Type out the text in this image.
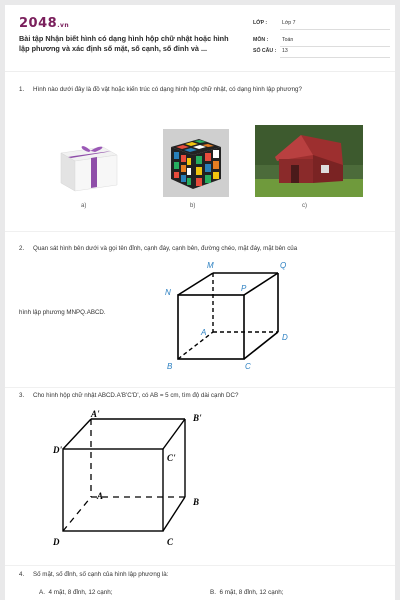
2048.vn
Bài tập Nhận biết hình có dạng hình hộp chữ nhật hoặc hình lập phương và xác định số mặt, số cạnh, số đỉnh và ...
LỚP :	Lớp 7
MÔN :	Toán
SỐ CÂU : 13
1. Hình nào dưới đây là đồ vật hoặc kiến trúc có dạng hình hộp chữ nhật, có dạng hình lập phương?
a)	b)	c)
2. Quan sát hình bên dưới và gọi tên đỉnh, cạnh đáy, cạnh bên, đường chéo, mặt đáy, mặt bên của
hình lập phương MNPQ.ABCD.
M	Q
N	P
A
D
B	C
3. Cho hình hộp chữ nhật ABCD.A'B'C'D', có AB = 5 cm, tìm độ dài cạnh DC?
A'	B'
D'
C'
A
B
D	C
4. Số mặt, số đỉnh, số cạnh của hình lập phương là:
A. 4 mặt, 8 đỉnh, 12 cạnh;	B. 6 mặt, 8 đỉnh, 12 cạnh;
